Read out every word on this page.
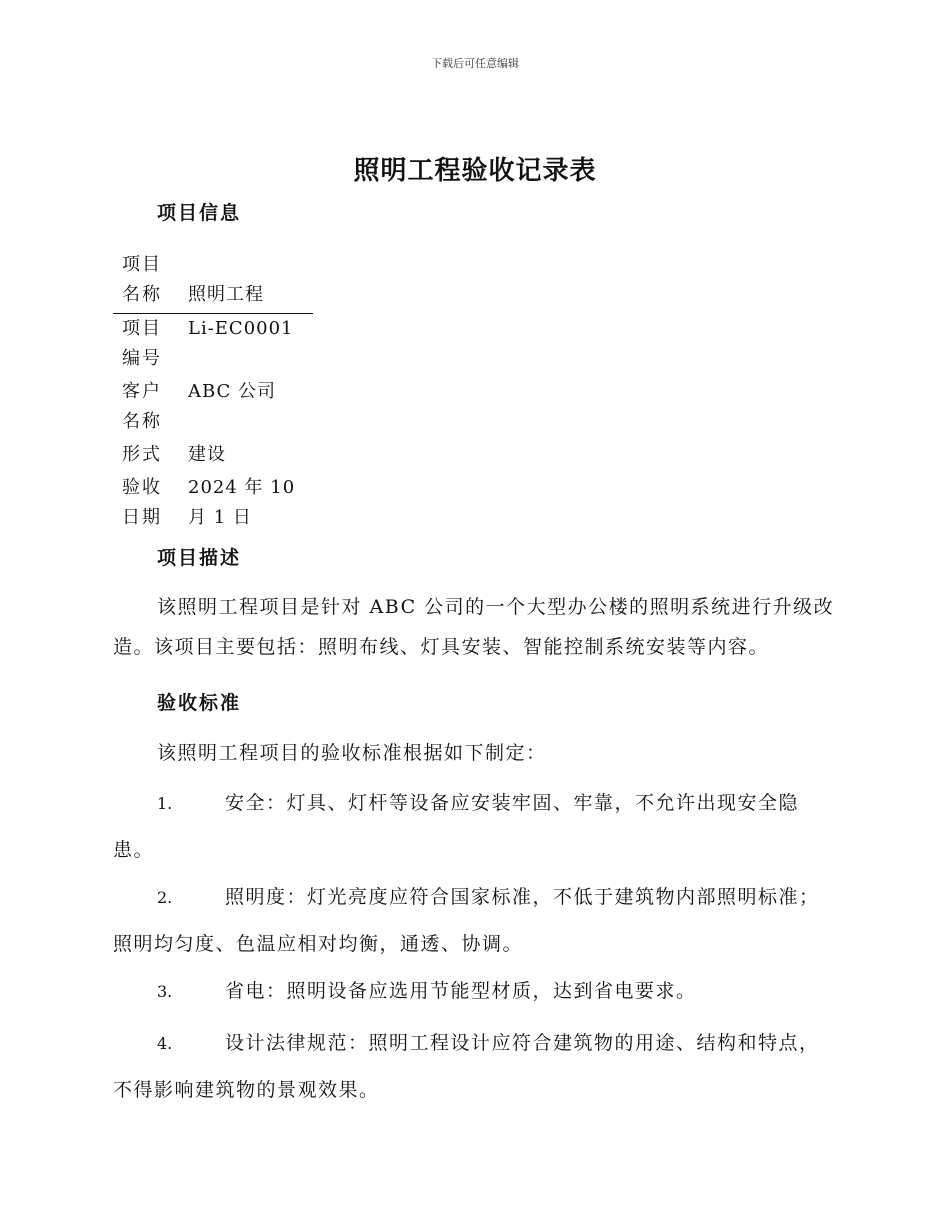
下载后可任意编辑
照明工程验收记录表
项目信息
项目名称	照明工程
项目编号	Li-EC0001
客户名称	ABC 公司
形式	建设
验收日期	2024 年 10 月 1 日
项目描述

该照明工程项目是针对 ABC 公司的一个大型办公楼的照明系统进行升级改造。该项目主要包括：照明布线、灯具安装、智能控制系统安装等内容。

验收标准

该照明工程项目的验收标准根据如下制定：

1.	安全：灯具、灯杆等设备应安装牢固、牢靠，不允许出现安全隐患。

2.	照明度：灯光亮度应符合国家标准，不低于建筑物内部照明标准；照明均匀度、色温应相对均衡，通透、协调。

3.	省电：照明设备应选用节能型材质，达到省电要求。

4.	设计法律规范：照明工程设计应符合建筑物的用途、结构和特点，不得影响建筑物的景观效果。
